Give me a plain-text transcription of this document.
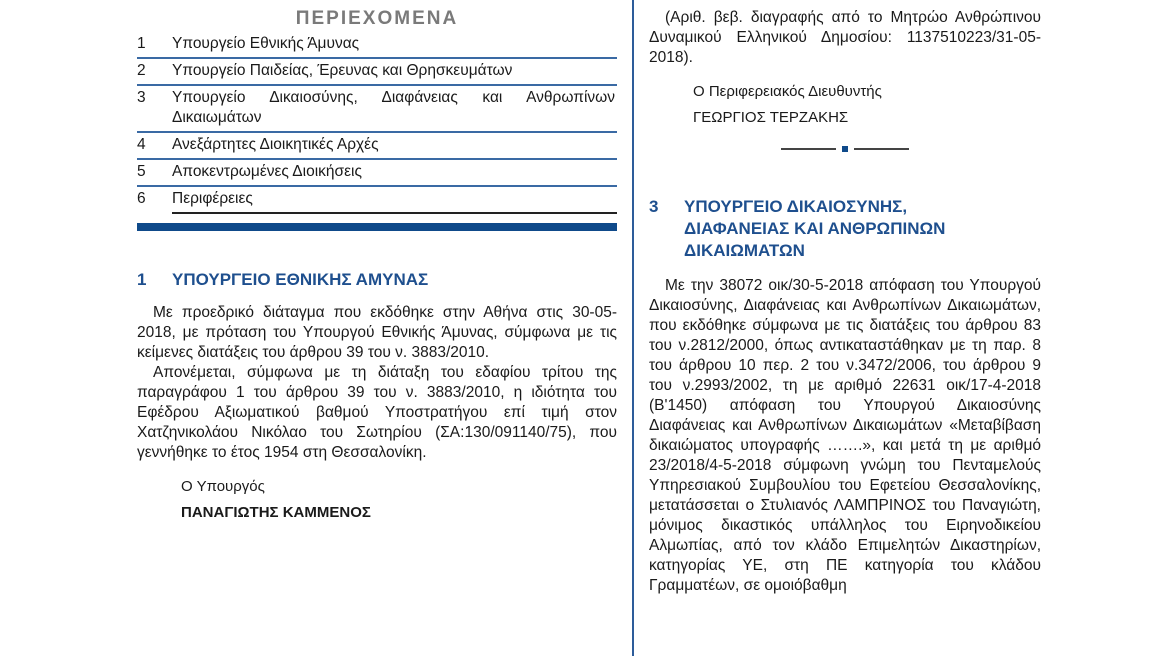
ΠΕΡΙΕΧΟΜΕΝΑ
1	Υπουργείο Εθνικής Άμυνας
2	Υπουργείο Παιδείας, Έρευνας και Θρησκευμάτων
3	Υπουργείο Δικαιοσύνης, Διαφάνειας και Ανθρωπίνων Δικαιωμάτων
4	Ανεξάρτητες Διοικητικές Αρχές
5	Αποκεντρωμένες Διοικήσεις
6	Περιφέρειες
1	ΥΠΟΥΡΓΕΙΟ ΕΘΝΙΚΗΣ ΑΜΥΝΑΣ

Με προεδρικό διάταγμα που εκδόθηκε στην Αθήνα στις 30-05-2018, με πρόταση του Υπουργού Εθνικής Άμυνας, σύμφωνα με τις κείμενες διατάξεις του άρθρου 39 του ν. 3883/2010.

Απονέμεται, σύμφωνα με τη διάταξη του εδαφίου τρίτου της παραγράφου 1 του άρθρου 39 του ν. 3883/2010, η ιδιότητα του Εφέδρου Αξιωματικού βαθμού Υποστρατήγου επί τιμή στον Χατζηνικολάου Νικόλαο του Σωτηρίου (ΣΑ:130/091140/75), που γεννήθηκε το έτος 1954 στη Θεσσαλονίκη.

Ο Υπουργός
ΠΑΝΑΓΙΩΤΗΣ ΚΑΜΜΕΝΟΣ

(Αριθ. βεβ. διαγραφής από το Μητρώο Ανθρώπινου Δυναμικού Ελληνικού Δημοσίου: 1137510223/31-05-2018).

Ο Περιφερειακός Διευθυντής
ΓΕΩΡΓΙΟΣ ΤΕΡΖΑΚΗΣ
3	ΥΠΟΥΡΓΕΙΟ ΔΙΚΑΙΟΣΥΝΗΣ, ΔΙΑΦΑΝΕΙΑΣ ΚΑΙ ΑΝΘΡΩΠΙΝΩΝ ΔΙΚΑΙΩΜΑΤΩΝ

Με την 38072 οικ/30-5-2018 απόφαση του Υπουργού Δικαιοσύνης, Διαφάνειας και Ανθρωπίνων Δικαιωμάτων, που εκδόθηκε σύμφωνα με τις διατάξεις του άρθρου 83 του ν.2812/2000, όπως αντικαταστάθηκαν με τη παρ. 8 του άρθρου 10 περ. 2 του ν.3472/2006, του άρθρου 9 του ν.2993/2002, τη με αριθμό 22631 οικ/17-4-2018 (Β'1450) απόφαση του Υπουργού Δικαιοσύνης Διαφάνειας και Ανθρωπίνων Δικαιωμάτων «Μεταβίβαση δικαιώματος υπογραφής …….», και μετά τη με αριθμό 23/2018/4-5-2018 σύμφωνη γνώμη του Πενταμελούς Υπηρεσιακού Συμβουλίου του Εφετείου Θεσσαλονίκης, μετατάσσεται ο Στυλιανός ΛΑΜΠΡΙΝΟΣ του Παναγιώτη, μόνιμος δικαστικός υπάλληλος του Ειρηνοδικείου Αλμωπίας, από τον κλάδο Επιμελητών Δικαστηρίων, κατηγορίας ΥΕ, στη ΠΕ κατηγορία του κλάδου Γραμματέων, σε ομοιόβαθμη
